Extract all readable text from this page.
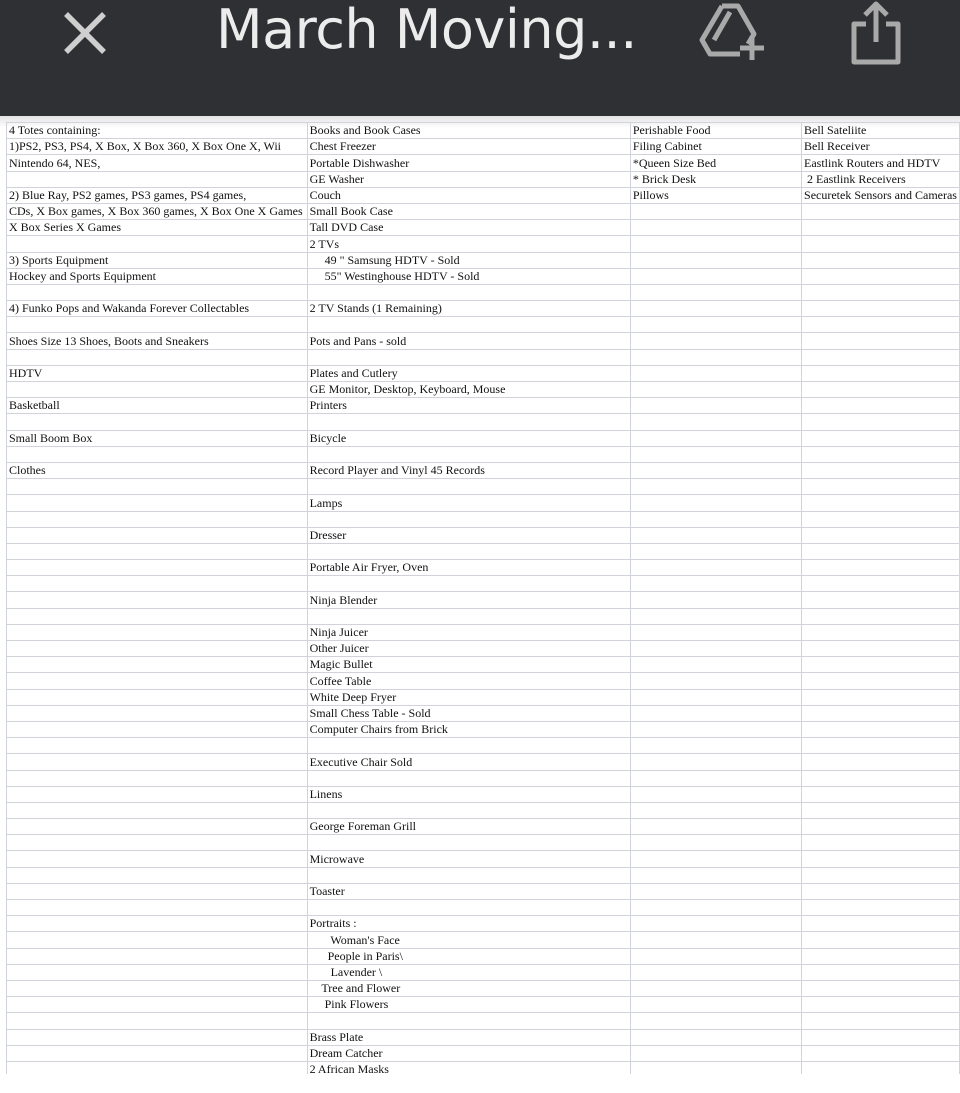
March Moving...
4 Totes containing:	Books and Book Cases	Perishable Food	Bell Sateliite
1)PS2, PS3, PS4, X Box, X Box 360, X Box One X, Wii	Chest Freezer	Filing Cabinet	Bell Receiver
Nintendo 64, NES,	Portable Dishwasher	*Queen Size Bed	Eastlink Routers and HDTV
	GE Washer	* Brick Desk	2 Eastlink Receivers
2) Blue Ray, PS2 games, PS3 games, PS4 games,	Couch	Pillows	Securetek Sensors and Cameras
CDs, X Box games, X Box 360 games, X Box One X Games	Small Book Case		
X Box Series X Games	Tall DVD Case		
	2 TVs		
3) Sports Equipment	49 " Samsung HDTV - Sold		
Hockey and Sports Equipment	55" Westinghouse HDTV - Sold		

4) Funko Pops and Wakanda Forever Collectables	2 TV Stands (1 Remaining)		

Shoes Size 13 Shoes, Boots and Sneakers	Pots and Pans - sold		

HDTV	Plates and Cutlery		
	GE Monitor, Desktop, Keyboard, Mouse		
Basketball	Printers		

Small Boom Box	Bicycle		

Clothes	Record Player and Vinyl 45 Records		

	Lamps		

	Dresser		

	Portable Air Fryer, Oven		

	Ninja Blender		

	Ninja Juicer		
	Other Juicer		
	Magic Bullet		
	Coffee Table		
	White Deep Fryer		
	Small Chess Table - Sold		
	Computer Chairs from Brick		

	Executive Chair Sold		

	Linens		

	George Foreman Grill		

	Microwave		

	Toaster		

	Portraits :		
	Woman's Face		
	People in Paris\		
	Lavender \		
	Tree and Flower		
	Pink Flowers		

	Brass Plate		
	Dream Catcher		
	2 African Masks		
